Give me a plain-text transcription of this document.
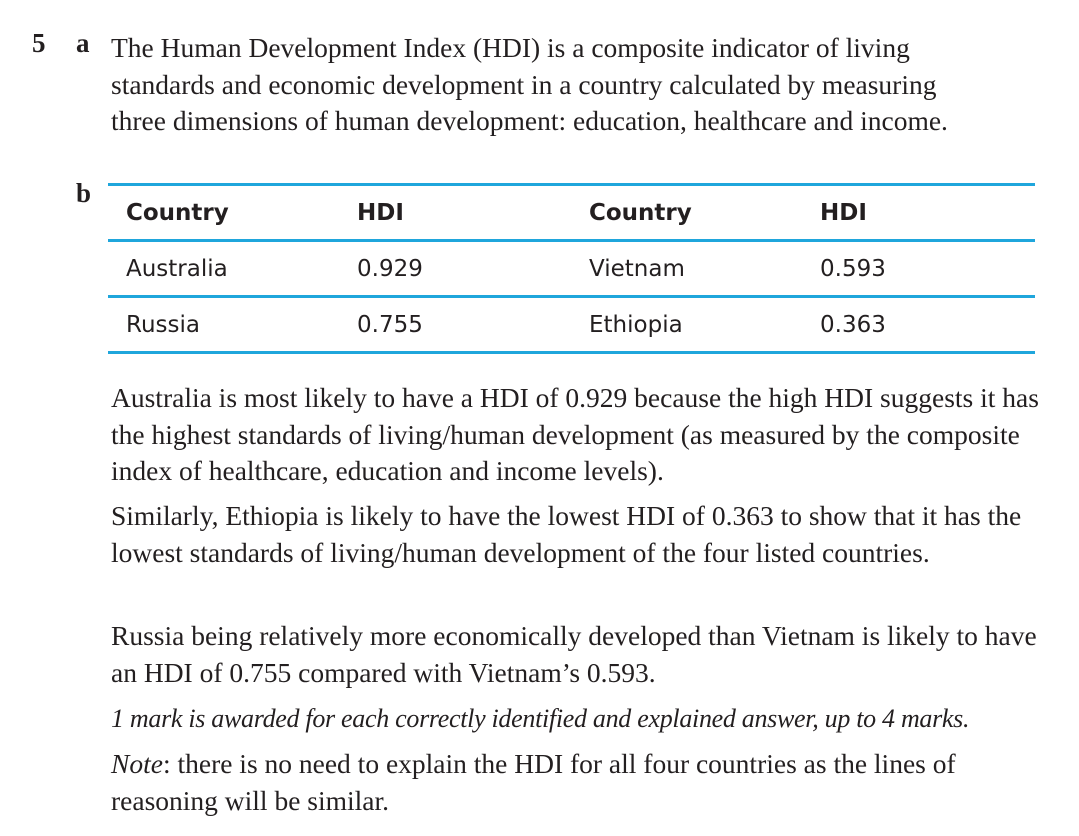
5 a The Human Development Index (HDI) is a composite indicator of living standards and economic development in a country calculated by measuring three dimensions of human development: education, healthcare and income.

b
Country	HDI	Country	HDI
Australia	0.929	Vietnam	0.593
Russia	0.755	Ethiopia	0.363

Australia is most likely to have a HDI of 0.929 because the high HDI suggests it has the highest standards of living/human development (as measured by the composite index of healthcare, education and income levels).

Similarly, Ethiopia is likely to have the lowest HDI of 0.363 to show that it has the lowest standards of living/human development of the four listed countries.

Russia being relatively more economically developed than Vietnam is likely to have an HDI of 0.755 compared with Vietnam’s 0.593.

1 mark is awarded for each correctly identified and explained answer, up to 4 marks.

Note: there is no need to explain the HDI for all four countries as the lines of reasoning will be similar.
